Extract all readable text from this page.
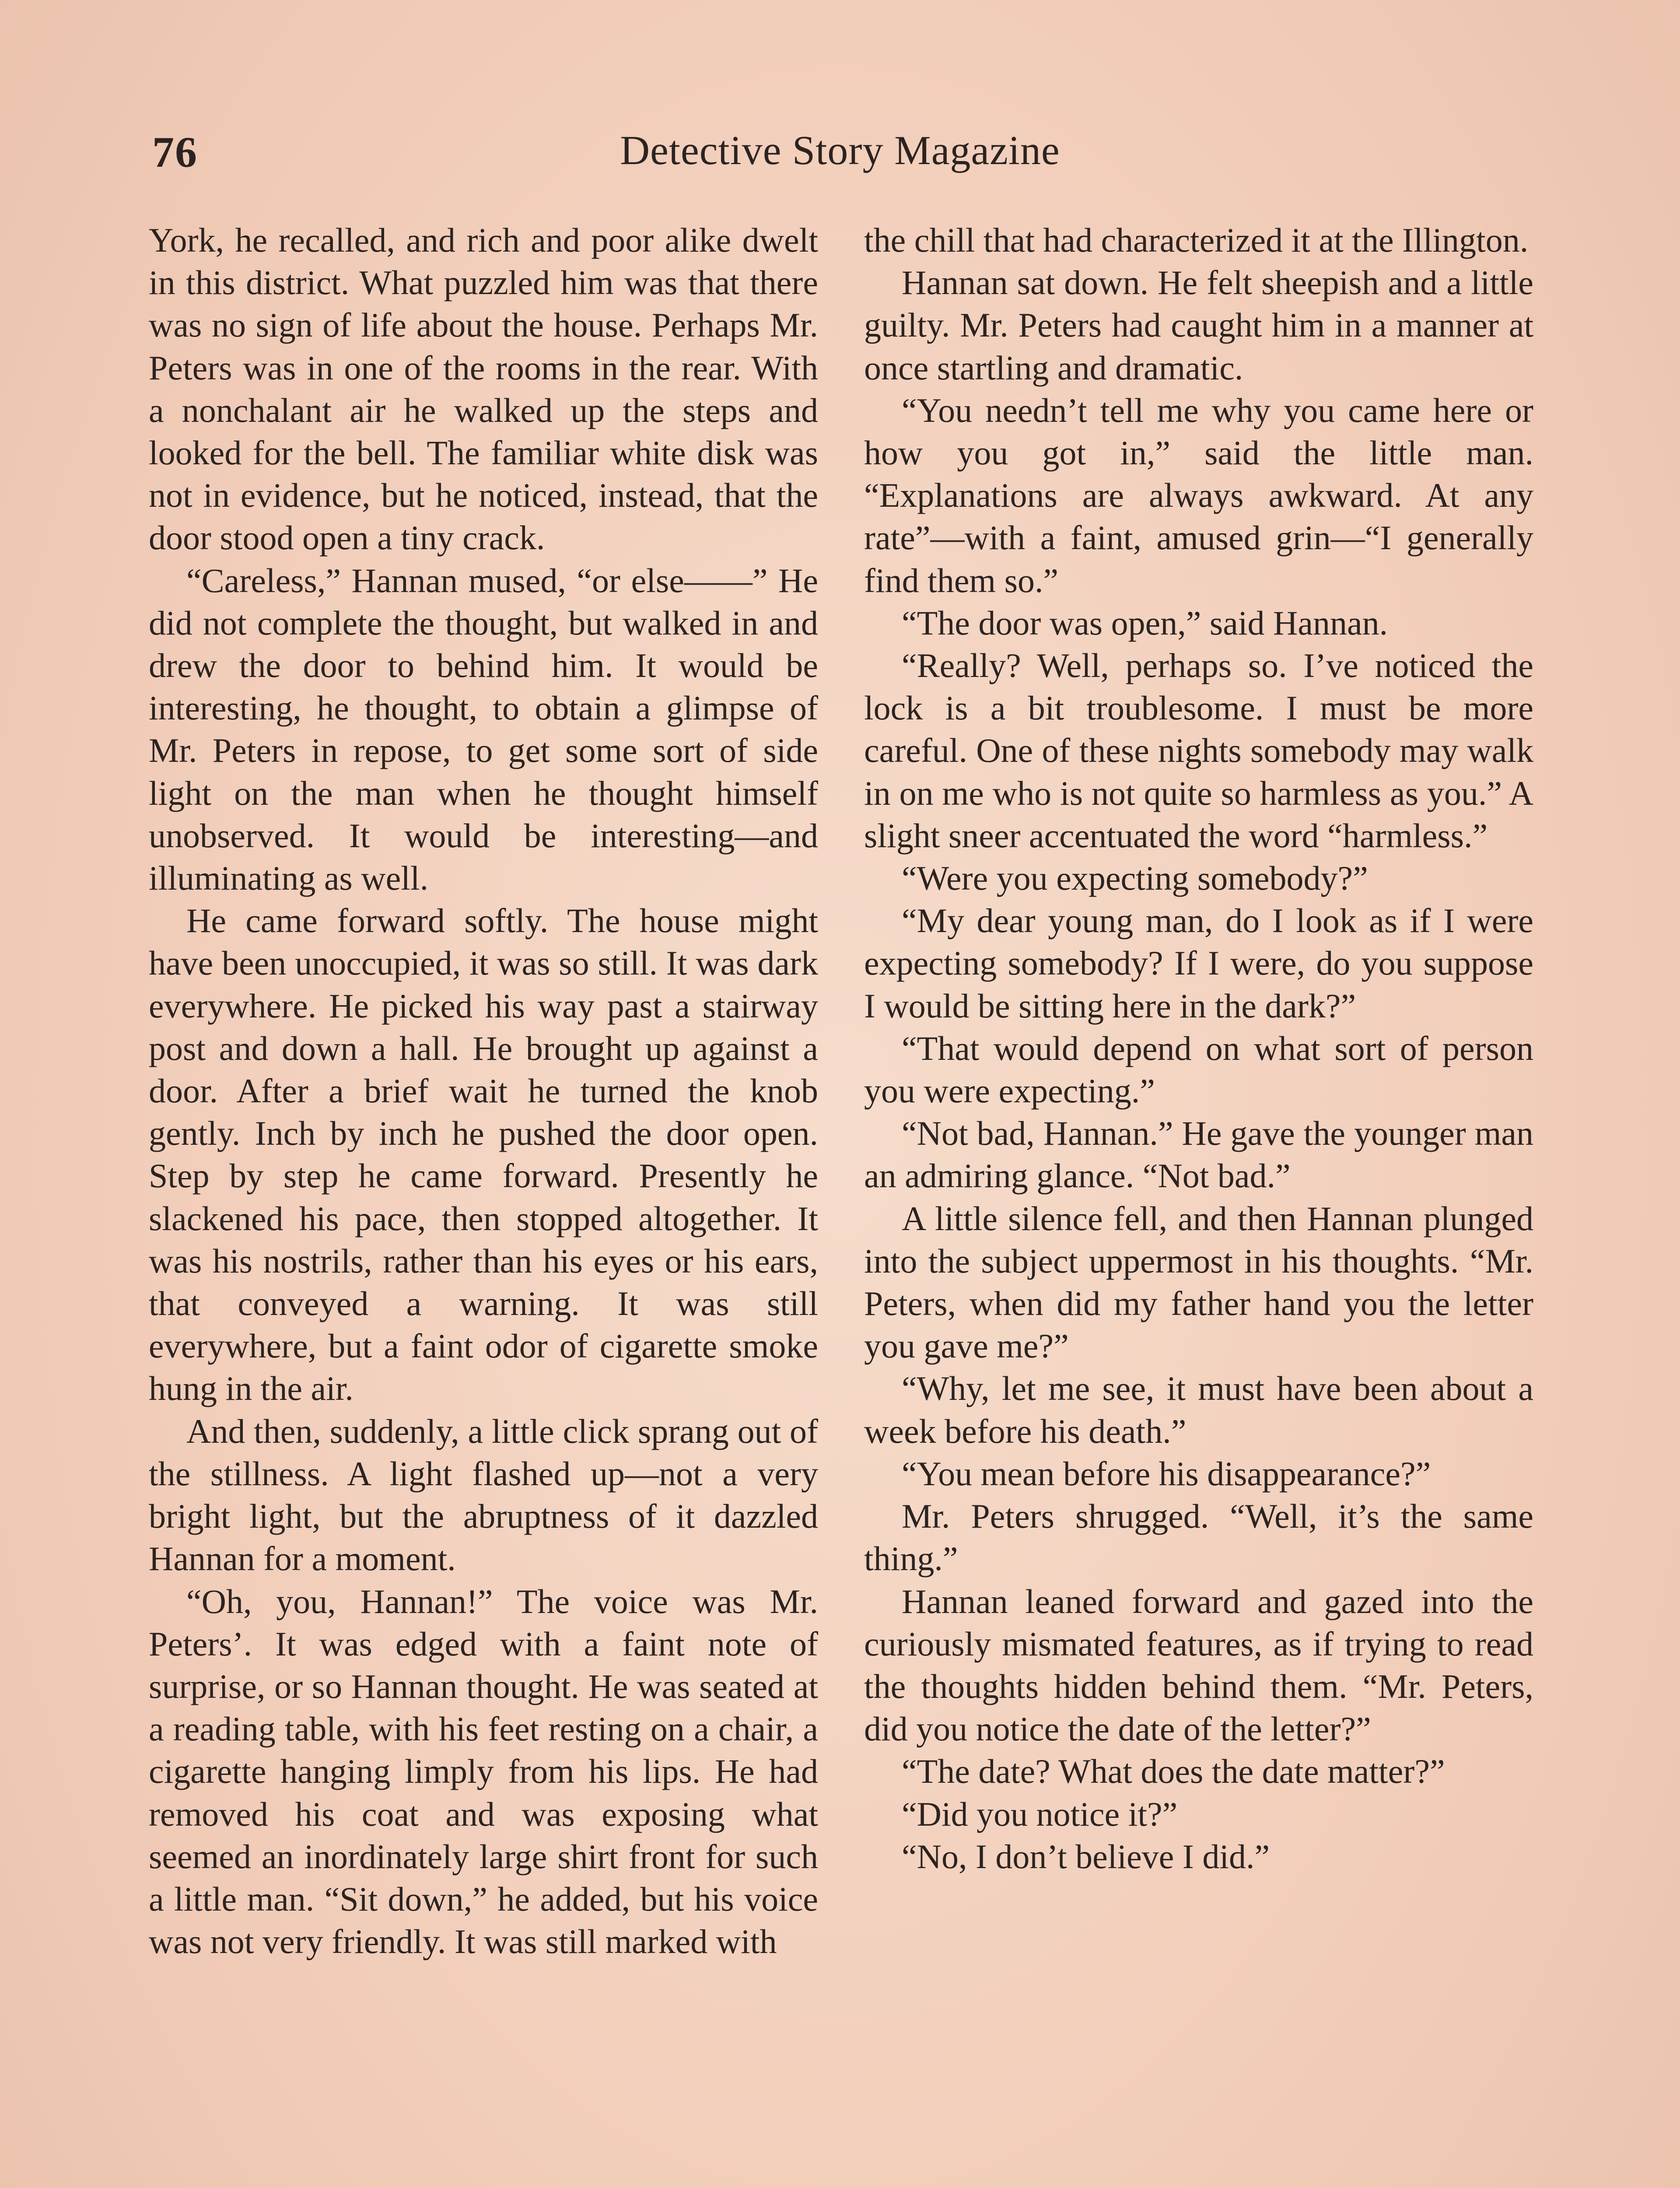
76	Detective Story Magazine

York, he recalled, and rich and poor alike dwelt in this district. What puzzled him was that there was no sign of life about the house. Perhaps Mr. Peters was in one of the rooms in the rear. With a nonchalant air he walked up the steps and looked for the bell. The familiar white disk was not in evidence, but he noticed, instead, that the door stood open a tiny crack.

“Careless,” Hannan mused, “or else——” He did not complete the thought, but walked in and drew the door to behind him. It would be interesting, he thought, to obtain a glimpse of Mr. Peters in repose, to get some sort of side light on the man when he thought himself unobserved. It would be interesting—and illuminating as well.

He came forward softly. The house might have been unoccupied, it was so still. It was dark everywhere. He picked his way past a stairway post and down a hall. He brought up against a door. After a brief wait he turned the knob gently. Inch by inch he pushed the door open. Step by step he came forward. Presently he slackened his pace, then stopped altogether. It was his nostrils, rather than his eyes or his ears, that conveyed a warning. It was still everywhere, but a faint odor of cigarette smoke hung in the air.

And then, suddenly, a little click sprang out of the stillness. A light flashed up—not a very bright light, but the abruptness of it dazzled Hannan for a moment.

“Oh, you, Hannan!” The voice was Mr. Peters’. It was edged with a faint note of surprise, or so Hannan thought. He was seated at a reading table, with his feet resting on a chair, a cigarette hanging limply from his lips. He had removed his coat and was exposing what seemed an inordinately large shirt front for such a little man. “Sit down,” he added, but his voice was not very friendly. It was still marked with

the chill that had characterized it at the Illington.

Hannan sat down. He felt sheepish and a little guilty. Mr. Peters had caught him in a manner at once startling and dramatic.

“You needn’t tell me why you came here or how you got in,” said the little man. “Explanations are always awkward. At any rate”—with a faint, amused grin—“I generally find them so.”

“The door was open,” said Hannan.

“Really? Well, perhaps so. I’ve noticed the lock is a bit troublesome. I must be more careful. One of these nights somebody may walk in on me who is not quite so harmless as you.” A slight sneer accentuated the word “harmless.”

“Were you expecting somebody?”

“My dear young man, do I look as if I were expecting somebody? If I were, do you suppose I would be sitting here in the dark?”

“That would depend on what sort of person you were expecting.”

“Not bad, Hannan.” He gave the younger man an admiring glance. “Not bad.”

A little silence fell, and then Hannan plunged into the subject uppermost in his thoughts. “Mr. Peters, when did my father hand you the letter you gave me?”

“Why, let me see, it must have been about a week before his death.”

“You mean before his disappearance?”

Mr. Peters shrugged. “Well, it’s the same thing.”

Hannan leaned forward and gazed into the curiously mismated features, as if trying to read the thoughts hidden behind them. “Mr. Peters, did you notice the date of the letter?”

“The date? What does the date matter?”

“Did you notice it?”

“No, I don’t believe I did.”
